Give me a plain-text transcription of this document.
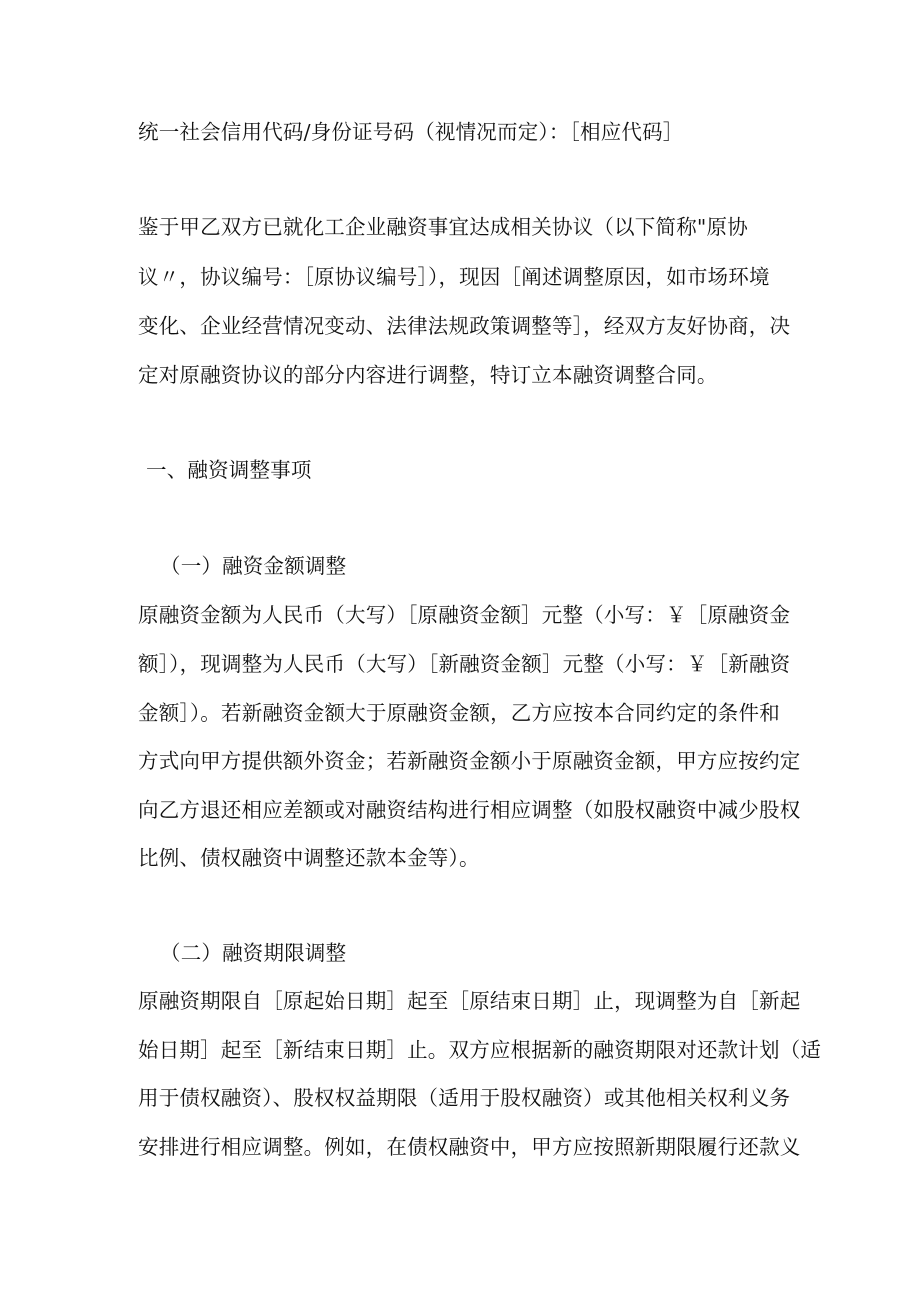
统一社会信用代码/身份证号码（视情况而定）：［相应代码］
鉴于甲乙双方已就化工企业融资事宜达成相关协议（以下简称"原协
议〃，协议编号：［原协议编号］），现因［阐述调整原因，如市场环境
变化、企业经营情况变动、法律法规政策调整等］，经双方友好协商，决
定对原融资协议的部分内容进行调整，特订立本融资调整合同。
一、融资调整事项
（一）融资金额调整
原融资金额为人民币（大写）［原融资金额］元整（小写：￥［原融资金
额］），现调整为人民币（大写）［新融资金额］元整（小写：￥［新融资
金额］）。若新融资金额大于原融资金额，乙方应按本合同约定的条件和
方式向甲方提供额外资金；若新融资金额小于原融资金额，甲方应按约定
向乙方退还相应差额或对融资结构进行相应调整（如股权融资中减少股权
比例、债权融资中调整还款本金等）。
（二）融资期限调整
原融资期限自［原起始日期］起至［原结束日期］止，现调整为自［新起
始日期］起至［新结束日期］止。双方应根据新的融资期限对还款计划（适
用于债权融资）、股权权益期限（适用于股权融资）或其他相关权利义务
安排进行相应调整。例如，在债权融资中，甲方应按照新期限履行还款义
